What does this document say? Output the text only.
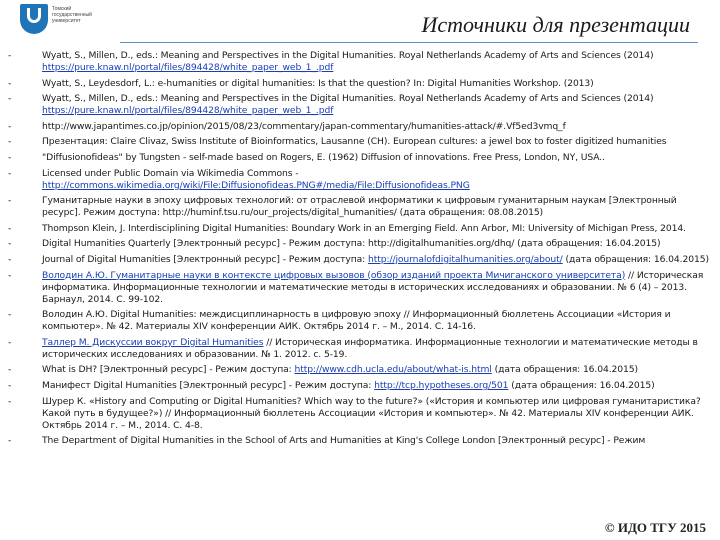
Томский государственный университет	Источники для презентации
-	Wyatt, S., Millen, D., eds.: Meaning and Perspectives in the Digital Humanities. Royal Netherlands Academy of Arts and Sciences (2014) https://pure.knaw.nl/portal/files/894428/white_paper_web_1_.pdf
-	Wyatt, S., Leydesdorf, L.: e-humanities or digital humanities: Is that the question? In: Digital Humanities Workshop. (2013)
-	Wyatt, S., Millen, D., eds.: Meaning and Perspectives in the Digital Humanities. Royal Netherlands Academy of Arts and Sciences (2014) https://pure.knaw.nl/portal/files/894428/white_paper_web_1_.pdf
-	http://www.japantimes.co.jp/opinion/2015/08/23/commentary/japan-commentary/humanities-attack/#.Vf5ed3vmq_f
-	Презентация: Claire Clivaz, Swiss Institute of Bioinformatics, Lausanne (CH). European cultures: a jewel box to foster digitized humanities
-	"Diffusionofideas" by Tungsten - self-made based on Rogers, E. (1962) Diffusion of innovations. Free Press, London, NY, USA..
-	Licensed under Public Domain via Wikimedia Commons - http://commons.wikimedia.org/wiki/File:Diffusionofideas.PNG#/media/File:Diffusionofideas.PNG
-	Гуманитарные науки в эпоху цифровых технологий: от отраслевой информатики к цифровым гуманитарным наукам [Электронный ресурс]. Режим доступа: http://huminf.tsu.ru/our_projects/digital_humanities/ (дата обращения: 08.08.2015)
-	Thompson Klein, J. Interdisciplining Digital Humanities: Boundary Work in an Emerging Field. Ann Arbor, MI: University of Michigan Press, 2014.
-	Digital Humanities Quarterly [Электронный ресурс] - Режим доступа: http://digitalhumanities.org/dhq/ (дата обращения: 16.04.2015)
-	Journal of Digital Humanities [Электронный ресурс] - Режим доступа: http://journalofdigitalhumanities.org/about/ (дата обращения: 16.04.2015)
-	Володин А.Ю. Гуманитарные науки в контексте цифровых вызовов (обзор изданий проекта Мичиганского университета) // Историческая информатика. Информационные технологии и математические методы в исторических исследованиях и образовании. № 6 (4) – 2013. Барнаул, 2014. С. 99-102.
-	Володин А.Ю. Digital Humanities: междисциплинарность в цифровую эпоху // Информационный бюллетень Ассоциации «История и компьютер». № 42. Материалы XIV конференции АИК. Октябрь 2014 г. – М., 2014. С. 14-16.
-	Таллер М. Дискуссии вокруг Digital Humanities // Историческая информатика. Информационные технологии и математические методы в исторических исследованиях и образовании. № 1. 2012. с. 5-19.
-	What is DH? [Электронный ресурс] - Режим доступа: http://www.cdh.ucla.edu/about/what-is.html (дата обращения: 16.04.2015)
-	Манифест Digital Humanities [Электронный ресурс] - Режим доступа: http://tcp.hypotheses.org/501 (дата обращения: 16.04.2015)
-	Шурер К. «History and Computing or Digital Humanities? Which way to the future?» («История и компьютер или цифровая гуманитаристика? Какой путь в будущее?») // Информационный бюллетень Ассоциации «История и компьютер». № 42. Материалы XIV конференции АИК. Октябрь 2014 г. – М., 2014. С. 4-8.
-	The Department of Digital Humanities in the School of Arts and Humanities at King's College London [Электронный ресурс] - Режим
© ИДО ТГУ 2015
